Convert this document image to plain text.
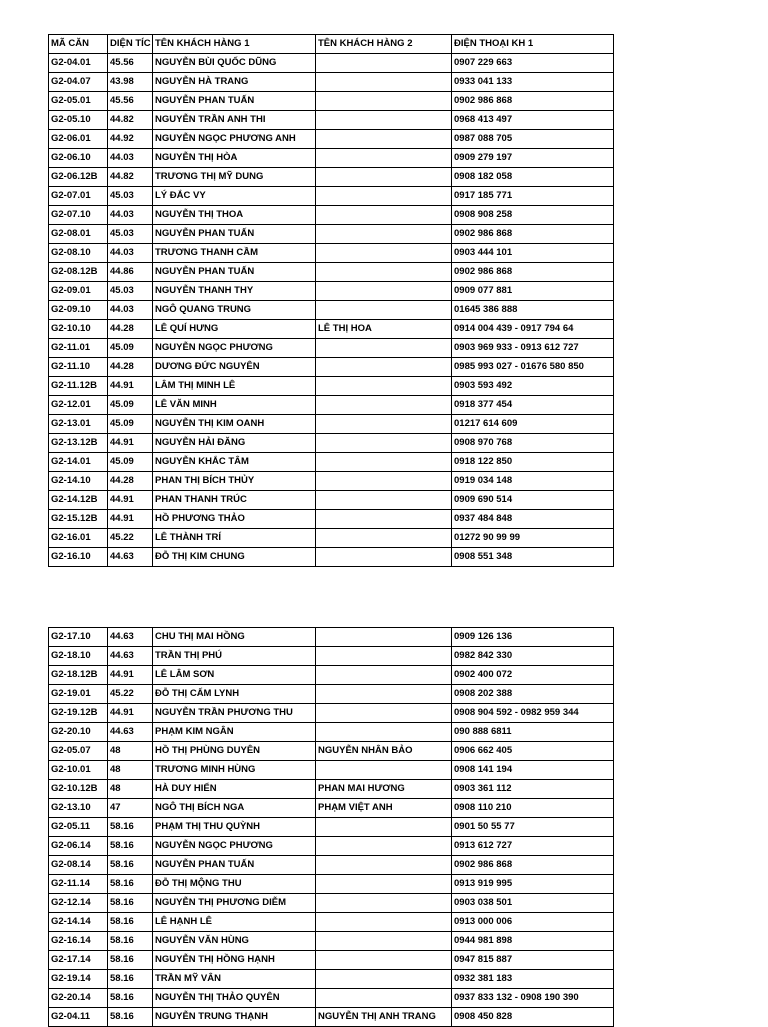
MÃ CĂN	DIỆN TÍC	TÊN KHÁCH HÀNG 1	TÊN KHÁCH HÀNG 2	ĐIỆN THOẠI KH 1
G2-04.01	45.56	NGUYỄN BÙI QUỐC DŨNG		0907 229 663
G2-04.07	43.98	NGUYỄN HÀ TRANG		0933 041 133
G2-05.01	45.56	NGUYỄN PHAN TUẤN		0902 986 868
G2-05.10	44.82	NGUYỄN TRẦN ANH THI		0968 413 497
G2-06.01	44.92	NGUYỄN NGỌC PHƯƠNG ANH		0987 088 705
G2-06.10	44.03	NGUYỄN THỊ HÒA		0909 279 197
G2-06.12B	44.82	TRƯƠNG THỊ MỸ DUNG		0908 182 058
G2-07.01	45.03	LÝ ĐẮC VY		0917 185 771
G2-07.10	44.03	NGUYỄN THỊ THOA		0908 908 258
G2-08.01	45.03	NGUYỄN PHAN TUẤN		0902 986 868
G2-08.10	44.03	TRƯƠNG THANH CẦM		0903 444 101
G2-08.12B	44.86	NGUYỄN PHAN TUẤN		0902 986 868
G2-09.01	45.03	NGUYỄN THANH THY		0909 077 881
G2-09.10	44.03	NGÔ QUANG TRUNG		01645 386 888
G2-10.10	44.28	LÊ QUÍ HƯNG	LÊ THỊ HOA	0914 004 439 - 0917 794 64
G2-11.01	45.09	NGUYỄN NGỌC PHƯƠNG		0903 969 933 - 0913 612 727
G2-11.10	44.28	DƯƠNG ĐỨC NGUYÊN		0985 993 027 - 01676 580 850
G2-11.12B	44.91	LÂM THỊ MINH LÊ		0903 593 492
G2-12.01	45.09	LÊ VĂN MINH		0918 377 454
G2-13.01	45.09	NGUYỄN THỊ KIM OANH		01217 614 609
G2-13.12B	44.91	NGUYỄN HẢI ĐĂNG		0908 970 768
G2-14.01	45.09	NGUYỄN KHẮC TÂM		0918 122 850
G2-14.10	44.28	PHAN THỊ BÍCH THỦY		0919 034 148
G2-14.12B	44.91	PHAN THANH TRÚC		0909 690 514
G2-15.12B	44.91	HỒ PHƯƠNG THẢO		0937 484 848
G2-16.01	45.22	LÊ THÀNH TRÍ		01272 90 99 99
G2-16.10	44.63	ĐỖ THỊ KIM CHUNG		0908 551 348
G2-17.10	44.63	CHU THỊ MAI HỒNG		0909 126 136
G2-18.10	44.63	TRẦN THỊ PHÚ		0982 842 330
G2-18.12B	44.91	LÊ LÂM SƠN		0902 400 072
G2-19.01	45.22	ĐỖ THỊ CẨM LYNH		0908 202 388
G2-19.12B	44.91	NGUYỄN TRẦN PHƯƠNG THU		0908 904 592 - 0982 959 344
G2-20.10	44.63	PHẠM KIM NGÂN		090 888 6811
G2-05.07	48	HỒ THỊ PHÙNG DUYÊN	NGUYỄN NHÂN BẢO	0906 662 405
G2-10.01	48	TRƯƠNG MINH HÙNG		0908 141 194
G2-10.12B	48	HÀ DUY HIỂN	PHAN MAI HƯƠNG	0903 361 112
G2-13.10	47	NGÔ THỊ BÍCH NGA	PHẠM VIỆT ANH	0908 110 210
G2-05.11	58.16	PHẠM THỊ THU QUỲNH		0901 50 55 77
G2-06.14	58.16	NGUYỄN NGỌC PHƯƠNG		0913 612 727
G2-08.14	58.16	NGUYỄN PHAN TUẤN		0902 986 868
G2-11.14	58.16	ĐỖ THỊ MỘNG THU		0913 919 995
G2-12.14	58.16	NGUYỄN THỊ PHƯƠNG DIỄM		0903 038 501
G2-14.14	58.16	LÊ HẠNH LÊ		0913 000 006
G2-16.14	58.16	NGUYỄN VĂN HÙNG		0944 981 898
G2-17.14	58.16	NGUYỄN THỊ HỒNG HẠNH		0947 815 887
G2-19.14	58.16	TRẦN MỸ VÂN		0932 381 183
G2-20.14	58.16	NGUYỄN THỊ THẢO QUYÊN		0937 833 132 - 0908 190 390
G2-04.11	58.16	NGUYỄN TRUNG THẠNH	NGUYỄN THỊ ANH TRANG	0908 450 828
